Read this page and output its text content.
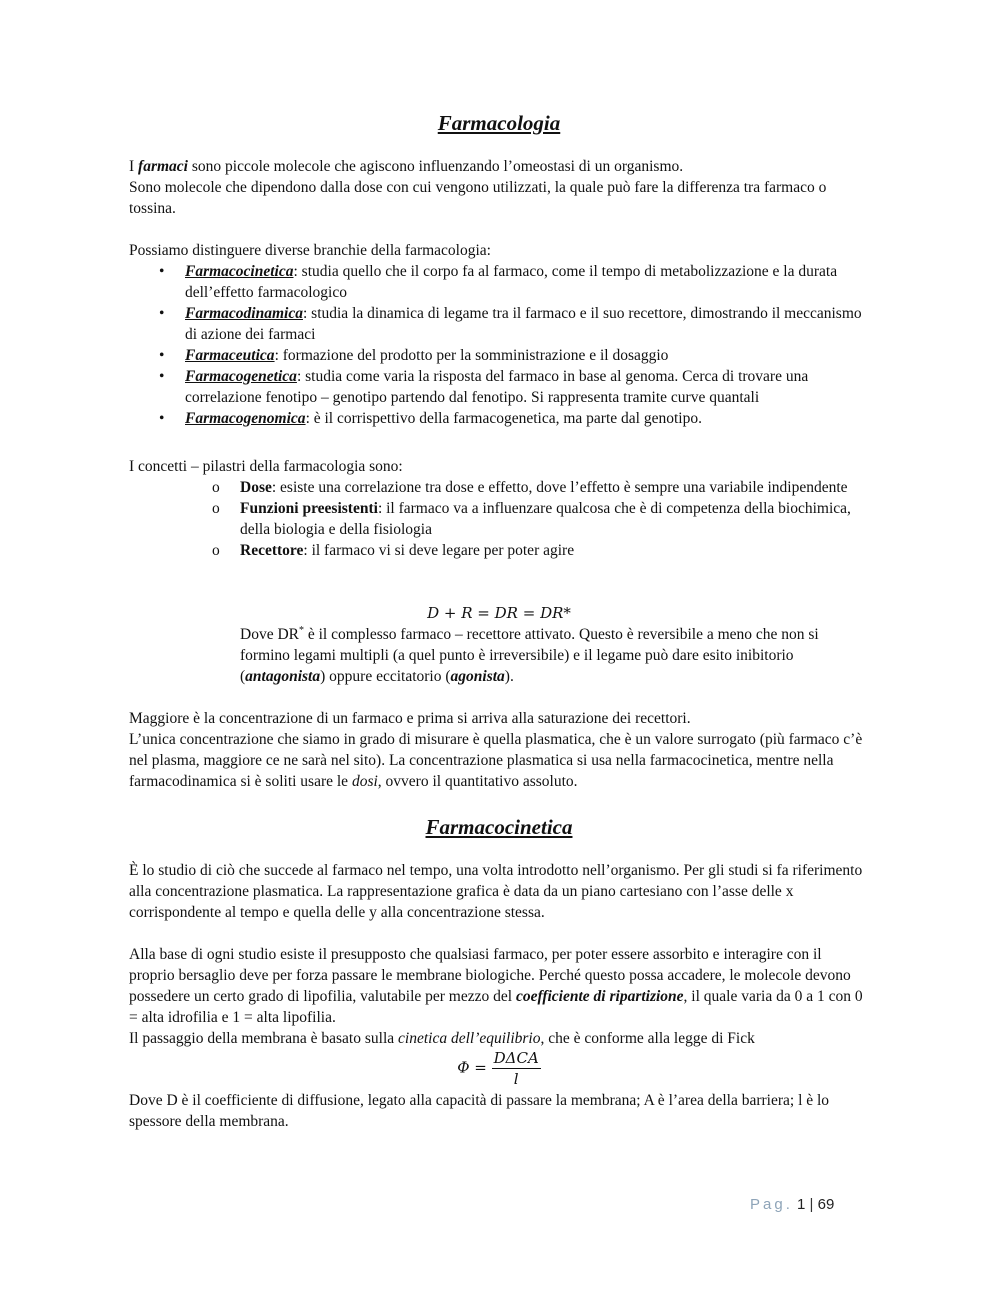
Farmacologia

I farmaci sono piccole molecole che agiscono influenzando l’omeostasi di un organismo.

Sono molecole che dipendono dalla dose con cui vengono utilizzati, la quale può fare la differenza tra farmaco o tossina.

Possiamo distinguere diverse branchie della farmacologia:

• Farmacocinetica: studia quello che il corpo fa al farmaco, come il tempo di metabolizzazione e la durata dell’effetto farmacologico
• Farmacodinamica: studia la dinamica di legame tra il farmaco e il suo recettore, dimostrando il meccanismo di azione dei farmaci
• Farmaceutica: formazione del prodotto per la somministrazione e il dosaggio
• Farmacogenetica: studia come varia la risposta del farmaco in base al genoma. Cerca di trovare una correlazione fenotipo – genotipo partendo dal fenotipo. Si rappresenta tramite curve quantali
• Farmacogenomica: è il corrispettivo della farmacogenetica, ma parte dal genotipo.

I concetti – pilastri della farmacologia sono:

o Dose: esiste una correlazione tra dose e effetto, dove l’effetto è sempre una variabile indipendente
o Funzioni preesistenti: il farmaco va a influenzare qualcosa che è di competenza della biochimica, della biologia e della fisiologia
o Recettore: il farmaco vi si deve legare per poter agire
D + R = DR = DR*

Dove DR* è il complesso farmaco – recettore attivato. Questo è reversibile a meno che non si formino legami multipli (a quel punto è irreversibile) e il legame può dare esito inibitorio (antagonista) oppure eccitatorio (agonista).

Maggiore è la concentrazione di un farmaco e prima si arriva alla saturazione dei recettori.

L’unica concentrazione che siamo in grado di misurare è quella plasmatica, che è un valore surrogato (più farmaco c’è nel plasma, maggiore ce ne sarà nel sito). La concentrazione plasmatica si usa nella farmacocinetica, mentre nella farmacodinamica si è soliti usare le dosi, ovvero il quantitativo assoluto.

Farmacocinetica

È lo studio di ciò che succede al farmaco nel tempo, una volta introdotto nell’organismo. Per gli studi si fa riferimento alla concentrazione plasmatica. La rappresentazione grafica è data da un piano cartesiano con l’asse delle x corrispondente al tempo e quella delle y alla concentrazione stessa.

Alla base di ogni studio esiste il presupposto che qualsiasi farmaco, per poter essere assorbito e interagire con il proprio bersaglio deve per forza passare le membrane biologiche. Perché questo possa accadere, le molecole devono possedere un certo grado di lipofilia, valutabile per mezzo del coefficiente di ripartizione, il quale varia da 0 a 1 con 0 = alta idrofilia e 1 = alta lipofilia.

Il passaggio della membrana è basato sulla cinetica dell’equilibrio, che è conforme alla legge di Fick

$\Phi = \frac{\text{DΔCA}}{l}$

Dove D è il coefficiente di diffusione, legato alla capacità di passare la membrana; A è l’area della barriera; l è lo spessore della membrana.

Pag. 1 | 69
